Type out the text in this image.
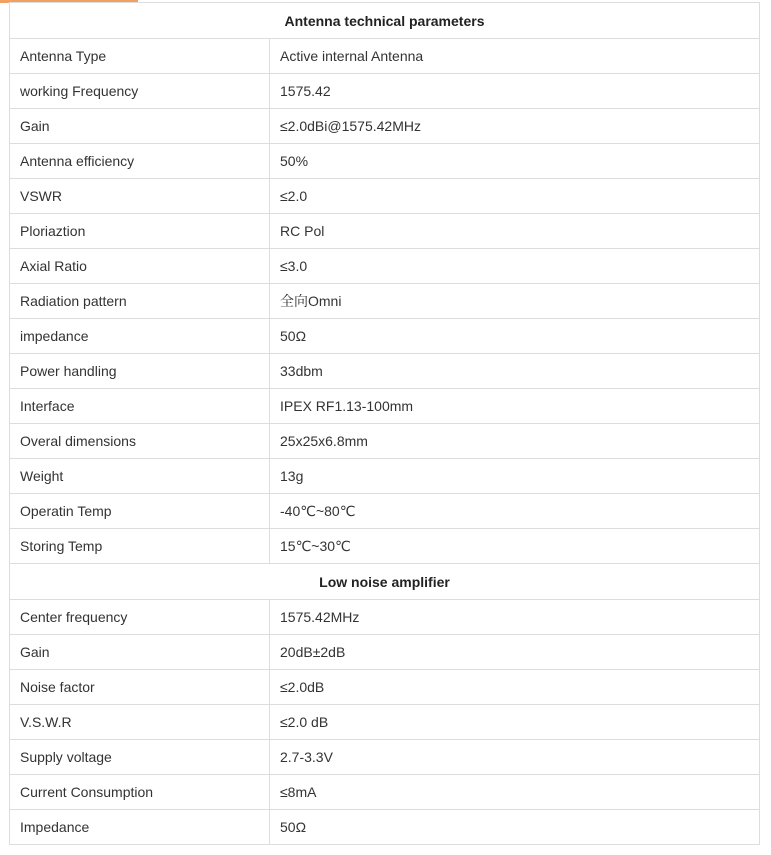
Antenna technical parameters	
Antenna Type	Active internal Antenna
working Frequency	1575.42
Gain	≤2.0dBi@1575.42MHz
Antenna efficiency	50%
VSWR	≤2.0
Ploriaztion	RC Pol
Axial Ratio	≤3.0
Radiation pattern	全向Omni
impedance	50Ω
Power handling	33dbm
Interface	IPEX RF1.13-100mm
Overal dimensions	25x25x6.8mm
Weight	13g
Operatin Temp	-40℃~80℃
Storing Temp	15℃~30℃
Low noise amplifier	
Center frequency	1575.42MHz
Gain	20dB±2dB
Noise factor	≤2.0dB
V.S.W.R	≤2.0 dB
Supply voltage	2.7-3.3V
Current Consumption	≤8mA
Impedance	50Ω
